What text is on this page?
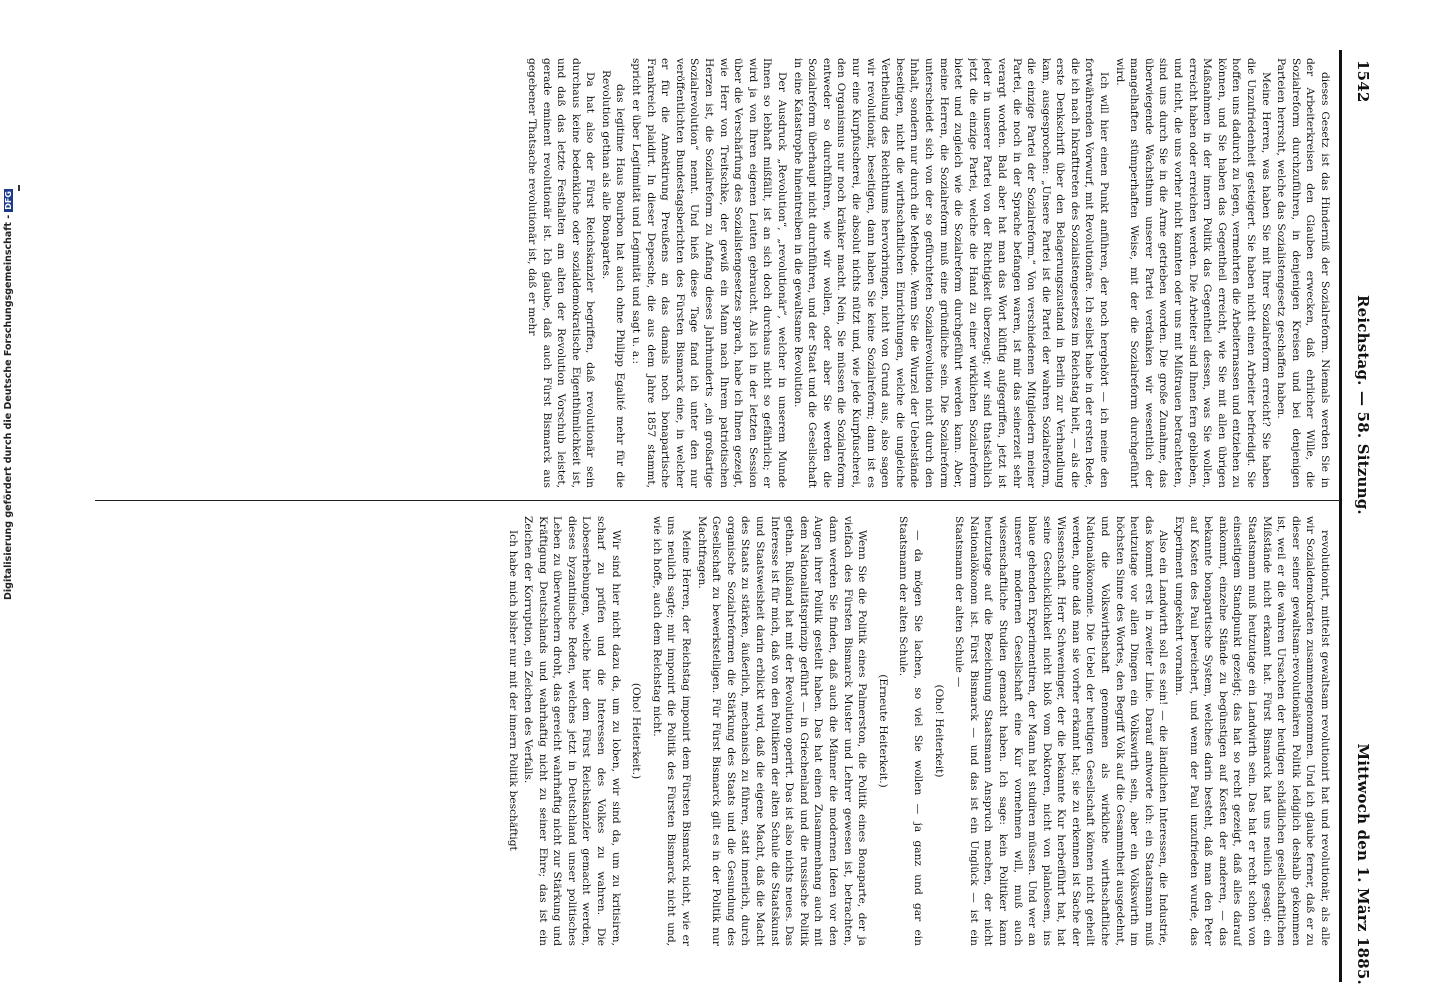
1542
Reichstag. — 58. Sitzung.
Mittwoch den 1. März 1885.

dieses Gesetz ist das Hinderniß der Sozialreform. Niemals werden Sie in der Arbeiterkreisen den Glauben erwecken, daß ehrlicher Wille, die Sozialreform durchzuführen, in denjenigen Kreisen und bei denjenigen Parteien herrscht, welche das Sozialistengesetz geschaffen haben.

Meine Herren, was haben Sie mit Ihrer Sozialreform erreicht? Sie haben die Unzufriedenheit gesteigert. Sie haben nicht einen Arbeiter befriedigt. Sie hoffen uns dadurch zu legen, vermehrten die Arbeiternassen und entziehen zu können, und Sie haben das Gegentheil erreicht, wie Sie mit allen übrigen Maßnahmen in der innern Politik das Gegentheil dessen, was Sie wollen, erreicht haben oder erreichen werden. Die Arbeiter sind Ihnen fern geblieben, und nicht, die uns vorher nicht kannten oder uns mit Mißtrauen betrachteten, sind uns durch Sie in die Arme getrieben worden. Die große Zunahme, das überwiegende Wachsthum unserer Partei verdanken wir wesentlich der mangelhaften stümperhaften Weise, mit der die Sozialreform durchgeführt wird.

Ich will hier einen Punkt anführen, der noch hergehört — ich meine den fortwährenden Vorwurf, mit Revolutionäre. Ich selbst habe in der ersten Rede, die ich nach Inkrafttreten des Sozialistengesetzes im Reichstag hielt, — als die erste Denkschrift über den Belagerungszustand in Berlin zur Verhandlung kam, ausgesprochen: „Unsere Partei ist die Partei der wahren Sozialreform, die einzige Partei der Sozialreform.“ Von verschiedenen Mitgliedern meiner Partei, die noch in der Sprache befangen waren, ist mir das seinerzeit sehr verargt worden. Bald aber hat man das Wort klüftig aufgegriffen, jetzt ist jeder in unserer Partei von der Richtigkeit überzeugt; wir sind thatsächlich jetzt die einzige Partei, welche die Hand zu einer wirklichen Sozialreform bietet und zugleich wie die Sozialreform durchgeführt werden kann. Aber, meine Herren, die Sozialreform muß eine gründliche sein. Die Sozialreform unterscheidet sich von der so gefürchteten Sozialrevolution nicht durch den Inhalt, sondern nur durch die Methode. Wenn Sie die Wurzel der Uebelstände beseitigen, nicht die wirthschaftlichen Einrichtungen, welche die ungleiche Vertheilung des Reichthums hervorbringen, nicht von Grund aus, also sagen wir revolutionär, beseitigen, dann haben Sie keine Sozialreform; dann ist es nur eine Kurpfuscherei, die absolut nichts nützt und, wie jede Kurpfuscherei, den Organismus nur noch kränker macht. Nein, Sie müssen die Sozialreform entweder so durchführen, wie wir wollen, oder aber Sie werden die Sozialreform überhaupt nicht durchführen, und der Staat und die Gesellschaft in eine Katastrophe hineintreiben in die gewaltsame Revolution.

Der Ausdruck „Revolution“, „revolutionär“, welcher in unserem Munde Ihnen so lebhaft mißfällt, ist an sich doch durchaus nicht so gefährlich; er wird ja von Ihren eigenen Leuten gebraucht. Als ich in der letzten Session über die Verschärfung des Sozialistengesetzes sprach, habe ich Ihnen gezeigt, wie Herr von Treitschke, der gewiß ein Mann nach Ihrem patriotischen Herzen ist, die Sozialreform zu Anfang dieses Jahrhunderts „ein großartige Sozialrevolution“ nennt. Und hieß diese Tage fand ich unter den nur veröffentlichten Bundestagsberichten des Fürsten Bismarck eine, in welcher er für die Annektirung Preußens an das damals noch bonapartische Frankreich plaidirt. In dieser Depesche, die aus dem Jahre 1857 stammt, spricht er über Legitimität und Legimität und sagt u. a.:

das legitime Haus Bourbon hat auch ohne Philipp Egalité mehr für die Revolution gethan als alle Bonapartes.

Da hat also der Fürst Reichskanzler begriffen, daß revolutionär sein durchaus keine bedenkliche oder sozialdemokratische Eigenthümlichkeit ist, und daß das letzte Festhalten am alten der Revolution Vorschub leistet, gerade eminent revolutionär ist. Ich glaube, daß auch Fürst Bismarck aus gegebener Thatsache revolutionär ist, daß er mehr

revolutionirt, mittelst gewaltsam revolutionirt hat und revolutionär, als alle wir Sozialdemokraten zusammengenommen. Und ich glaube ferner, daß er zu dieser seiner gewaltsam-revolutionären Politik lediglich deshalb gekommen ist, weil er die wahren Ursachen der heutigen schädlichen gesellschaftlichen Mißstände nicht erkannt hat. Fürst Bismarck hat uns neulich gesagt: ein Staatsmann muß heutzutage ein Landwirth sein. Das hat er recht schon von einseitigem Standpunkt gezeigt; das hat so recht gezeigt, daß alles darauf ankommt, einzelne Stände zu begünstigen auf Kosten der anderen, — das bekannte bonapartische System, welches darin besteht, daß man den Peter auf Kosten des Paul bereichert, und wenn der Paul unzufrieden wurde, das Experiment umgekehrt vornahm.

Also ein Landwirth soll es sein! — die ländlichen Interessen, die Industrie, das kommt erst in zweiter Linie. Darauf antworte ich: ein Staatsmann muß heutzutage vor allen Dingen ein Volkswirth sein, aber ein Volkswirth im höchsten Sinne des Wortes, den Begriff Volk auf die Gesammtheit ausgedehnt, und die Volkswirthschaft genommen als wirkliche wirthschaftliche Nationalökonomie. Die Uebel der heutigen Gesellschaft können nicht geheilt werden, ohne daß man sie vorher erkannt hat; sie zu erkennen ist Sache der Wissenschaft. Herr Schweninger, der die bekannte Kur herbeiführt hat, hat seine Geschicklichkeit nicht bloß vom Doktoren, nicht von planlosem, ins blaue gehenden Experimentiren, der Mann hat studiren müssen. Und wer an unserer modernen Gesellschaft eine Kur vornehmen will, muß auch wissenschaftliche Studien gemacht haben. Ich sage: kein Politiker kann heutzutage auf die Bezeichnung Staatsmann Anspruch machen, der nicht Nationalökonom ist. Fürst Bismarck — und das ist ein Unglück — ist ein Staatsmann der alten Schule —

(Oho! Heiterkeit)

— da mögen Sie lachen, so viel Sie wollen — ja ganz und gar ein Staatsmann der alten Schule.

(Erneute Heiterkeit.)

Wenn Sie die Politik eines Palmerston, die Politik eines Bonaparte, der ja vielfach des Fürsten Bismarck Muster und Lehrer gewesen ist, betrachten, dann werden Sie finden, daß auch die Männer die modernen Ideen vor den Augen ihrer Politik gestellt haben. Das hat einen Zusammenhang auch mit dem Nationalitätsprinzip geführt — in Griechenland und die russische Politik gethan. Rußland hat mit der Revolution operirt. Das ist also nichts neues. Das Interesse ist für mich, daß von den Politikern der alten Schule die Staatskunst und Staatsweisheit darin erblickt wird, daß die eigene Macht, daß die Macht des Staats zu stärken, äußerlich, mechanisch zu führen, statt innerlich, durch organische Sozialreformen die Stärkung des Staats und die Gesundung des Gesellschaft zu bewerkstelligen. Für Fürst Bismarck gilt es in der Politik nur Machtfragen.

Meine Herren, der Reichstag imponirt dem Fürsten Bismarck nicht, wie er uns neulich sagte; mir imponirt die Politik des Fürsten Bismarck nicht und, wie ich hoffe, auch dem Reichstag nicht.

(Oho! Heiterkeit.)

Wir sind hier nicht dazu da, um zu loben, wir sind da, um zu kritisiren, scharf zu prüfen und die Interessen des Volkes zu wahren. Die Lobeserhebungen, welche hier dem Fürst Reichskanzler gemacht werden, dieses byzantinische Reden, welches jetzt in Deutschland unser politisches Leben zu überwuchern droht, das gereicht wahrhaftig nicht zur Stärkung und Kräftigung Deutschlands und wahrhaftig nicht zu seiner Ehre; das ist ein Zeichen der Korruption, ein Zeichen des Verfalls.

Ich habe mich bisher nur mit der innern Politik beschäftigt

Digitalisierung gefördert durch die Deutsche Forschungsgemeinschaft -DFG
